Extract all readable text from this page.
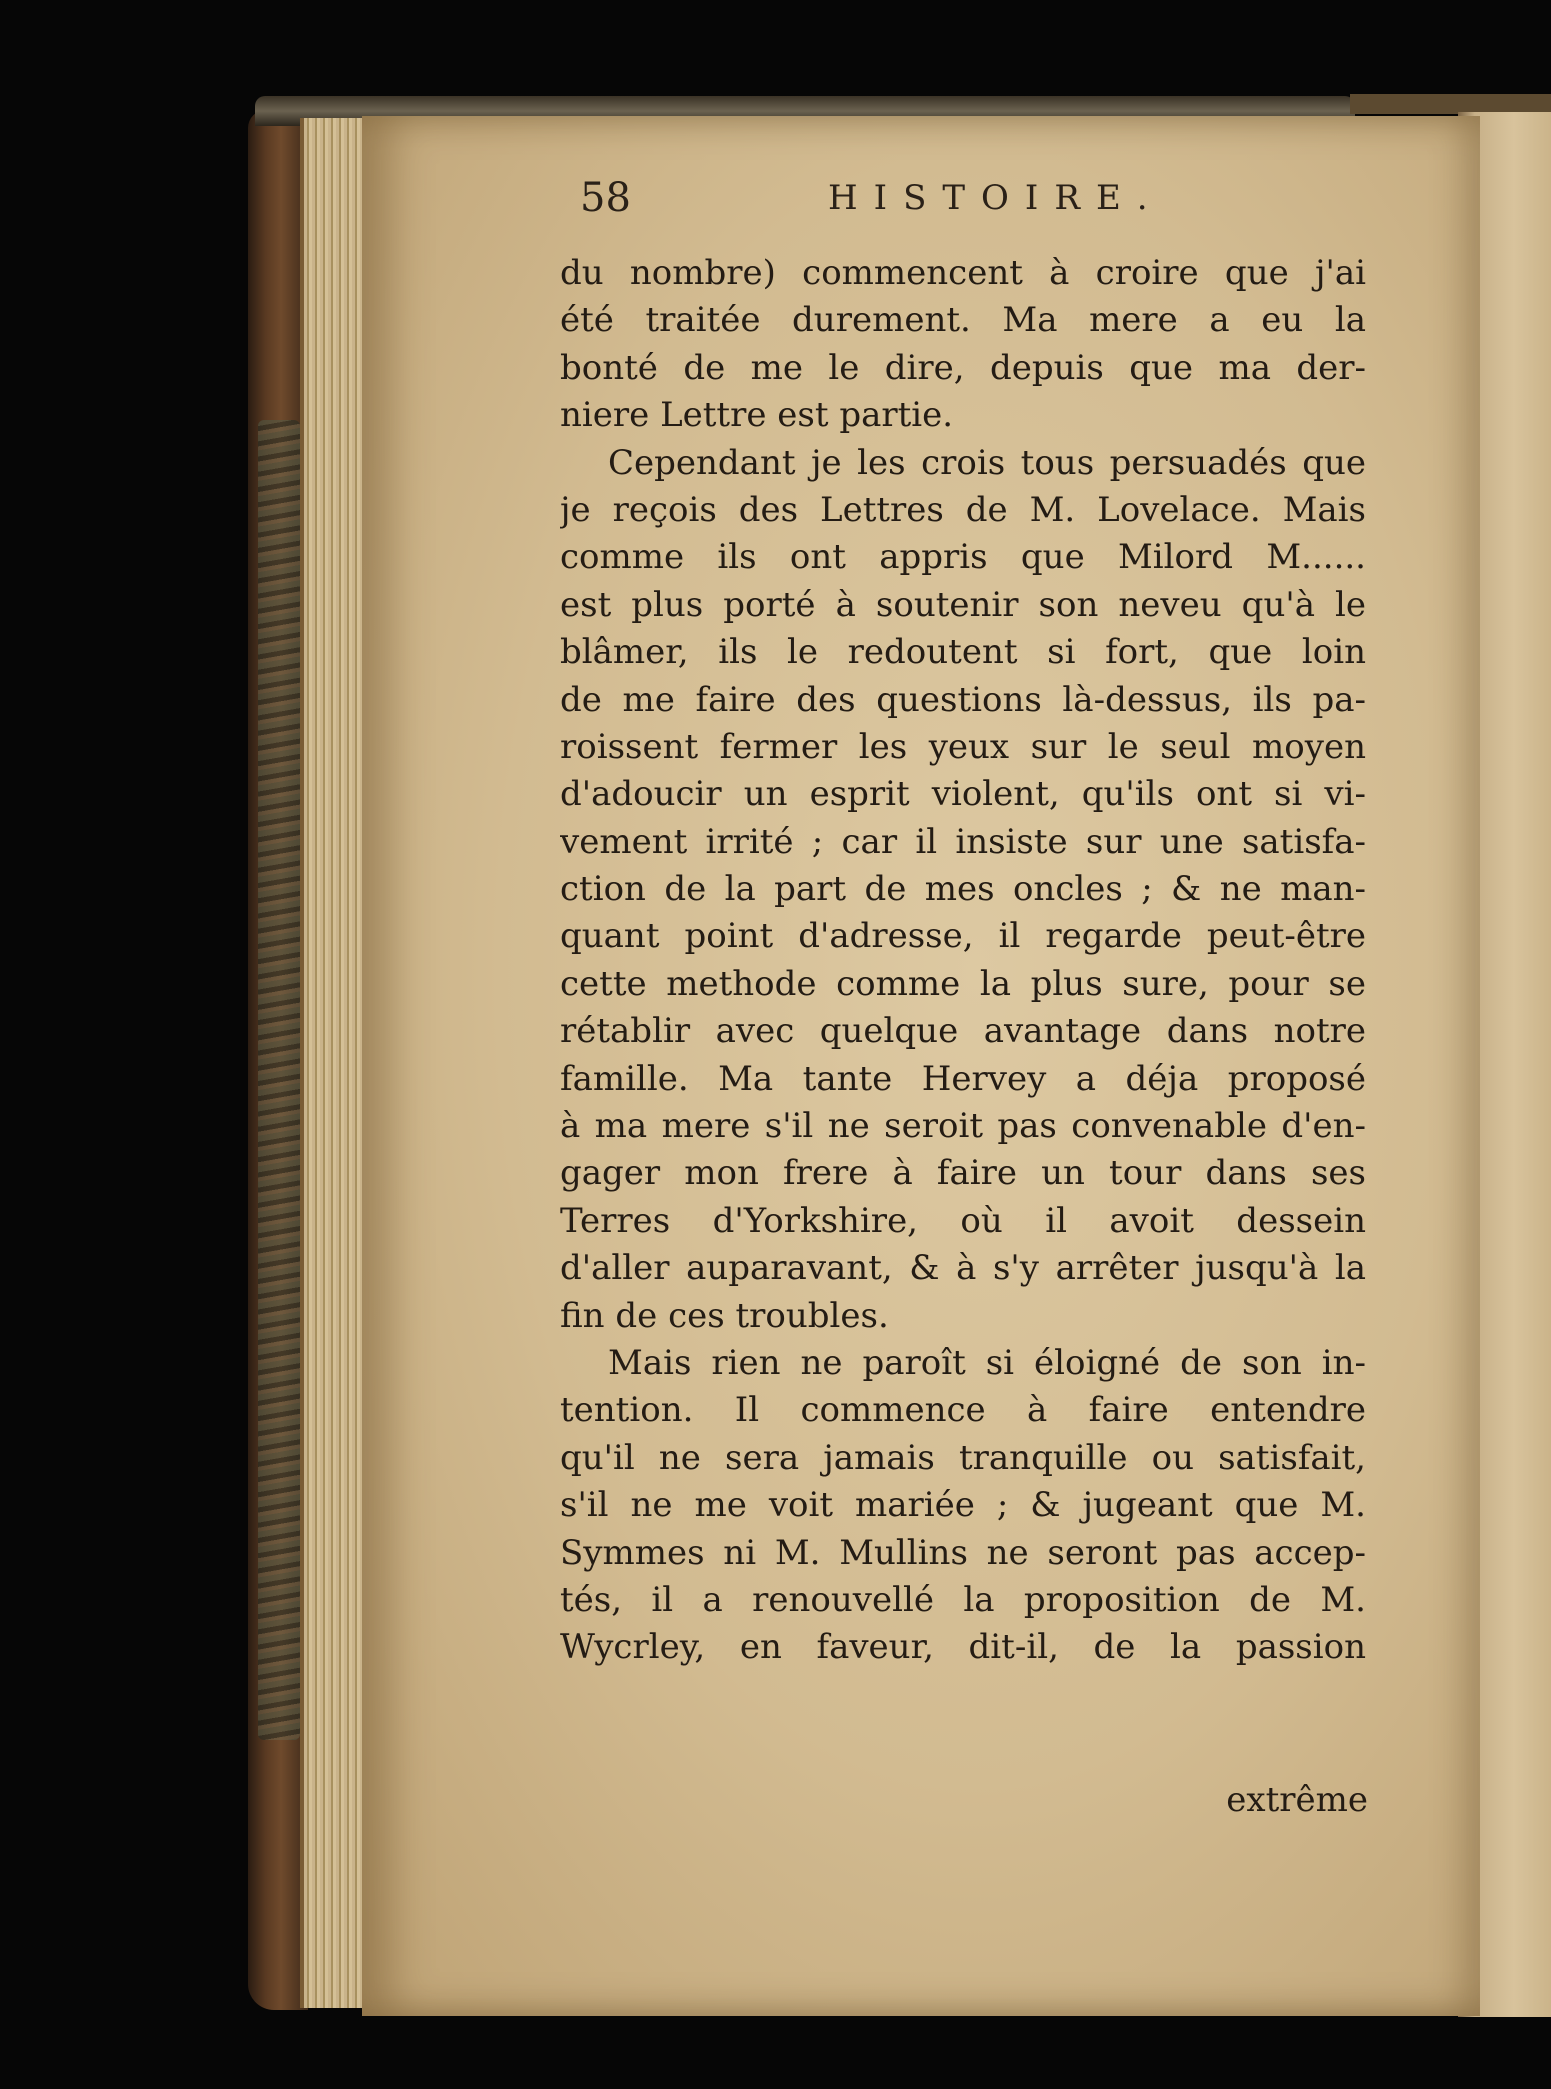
58	HISTOIRE.
du nombre) commencent à croire que j'ai
été traitée durement. Ma mere a eu la
bonté de me le dire, depuis que ma der-
niere Lettre est partie.
Cependant je les crois tous persuadés que
je reçois des Lettres de M. Lovelace. Mais
comme ils ont appris que Milord M......
est plus porté à soutenir son neveu qu'à le
blâmer, ils le redoutent si fort, que loin
de me faire des questions là-dessus, ils pa-
roissent fermer les yeux sur le seul moyen
d'adoucir un esprit violent, qu'ils ont si vi-
vement irrité ; car il insiste sur une satisfa-
ction de la part de mes oncles ; & ne man-
quant point d'adresse, il regarde peut-être
cette methode comme la plus sure, pour se
rétablir avec quelque avantage dans notre
famille. Ma tante Hervey a déja proposé
à ma mere s'il ne seroit pas convenable d'en-
gager mon frere à faire un tour dans ses
Terres d'Yorkshire, où il avoit dessein
d'aller auparavant, & à s'y arrêter jusqu'à la
fin de ces troubles.
Mais rien ne paroît si éloigné de son in-
tention. Il commence à faire entendre
qu'il ne sera jamais tranquille ou satisfait,
s'il ne me voit mariée ; & jugeant que M.
Symmes ni M. Mullins ne seront pas accep-
tés, il a renouvellé la proposition de M.
Wycrley, en faveur, dit-il, de la passion
extrême
